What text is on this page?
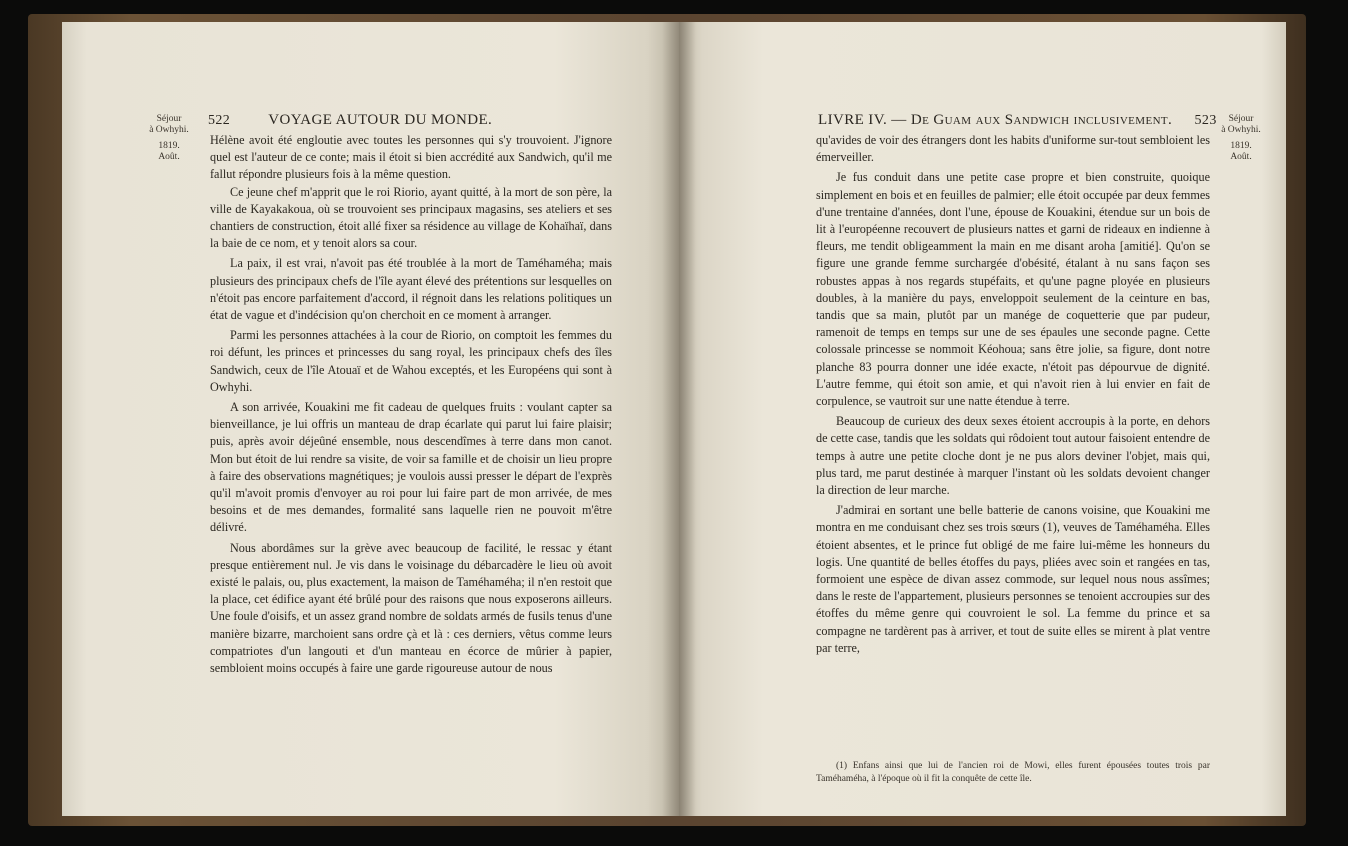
522	VOYAGE AUTOUR DU MONDE.
Séjour
à Owhyhi.
1819.
Août.

Hélène avoit été engloutie avec toutes les personnes qui s'y trouvoient. J'ignore quel est l'auteur de ce conte; mais il étoit si bien accrédité aux Sandwich, qu'il me fallut répondre plusieurs fois à la même question.

Ce jeune chef m'apprit que le roi Riorio, ayant quitté, à la mort de son père, la ville de Kayakakoua, où se trouvoient ses principaux magasins, ses ateliers et ses chantiers de construction, étoit allé fixer sa résidence au village de Kohaïhaï, dans la baie de ce nom, et y tenoit alors sa cour.

La paix, il est vrai, n'avoit pas été troublée à la mort de Taméhaméha; mais plusieurs des principaux chefs de l'île ayant élevé des prétentions sur lesquelles on n'étoit pas encore parfaitement d'accord, il régnoit dans les relations politiques un état de vague et d'indécision qu'on cherchoit en ce moment à arranger.

Parmi les personnes attachées à la cour de Riorio, on comptoit les femmes du roi défunt, les princes et princesses du sang royal, les principaux chefs des îles Sandwich, ceux de l'île Atouaï et de Wahou exceptés, et les Européens qui sont à Owhyhi.

A son arrivée, Kouakini me fit cadeau de quelques fruits : voulant capter sa bienveillance, je lui offris un manteau de drap écarlate qui parut lui faire plaisir; puis, après avoir déjeûné ensemble, nous descendîmes à terre dans mon canot. Mon but étoit de lui rendre sa visite, de voir sa famille et de choisir un lieu propre à faire des observations magnétiques; je voulois aussi presser le départ de l'exprès qu'il m'avoit promis d'envoyer au roi pour lui faire part de mon arrivée, de mes besoins et de mes demandes, formalité sans laquelle rien ne pouvoit m'être délivré.

Nous abordâmes sur la grève avec beaucoup de facilité, le ressac y étant presque entièrement nul. Je vis dans le voisinage du débarcadère le lieu où avoit existé le palais, ou, plus exactement, la maison de Taméhaméha; il n'en restoit que la place, cet édifice ayant été brûlé pour des raisons que nous exposerons ailleurs. Une foule d'oisifs, et un assez grand nombre de soldats armés de fusils tenus d'une manière bizarre, marchoient sans ordre çà et là : ces derniers, vêtus comme leurs compatriotes d'un langouti et d'un manteau en écorce de mûrier à papier, sembloient moins occupés à faire une garde rigoureuse autour de nous

LIVRE IV. — De Guam aux Sandwich inclusivement. 523	Séjour
à Owhyhi.
1819.
Août.

qu'avides de voir des étrangers dont les habits d'uniforme sur-tout sembloient les émerveiller.

Je fus conduit dans une petite case propre et bien construite, quoique simplement en bois et en feuilles de palmier; elle étoit occupée par deux femmes d'une trentaine d'années, dont l'une, épouse de Kouakini, étendue sur un bois de lit à l'européenne recouvert de plusieurs nattes et garni de rideaux en indienne à fleurs, me tendit obligeamment la main en me disant aroha [amitié]. Qu'on se figure une grande femme surchargée d'obésité, étalant à nu sans façon ses robustes appas à nos regards stupéfaits, et qu'une pagne ployée en plusieurs doubles, à la manière du pays, enveloppoit seulement de la ceinture en bas, tandis que sa main, plutôt par un manége de coquetterie que par pudeur, ramenoit de temps en temps sur une de ses épaules une seconde pagne. Cette colossale princesse se nommoit Kéohoua; sans être jolie, sa figure, dont notre planche 83 pourra donner une idée exacte, n'étoit pas dépourvue de dignité. L'autre femme, qui étoit son amie, et qui n'avoit rien à lui envier en fait de corpulence, se vautroit sur une natte étendue à terre.

Beaucoup de curieux des deux sexes étoient accroupis à la porte, en dehors de cette case, tandis que les soldats qui rôdoient tout autour faisoient entendre de temps à autre une petite cloche dont je ne pus alors deviner l'objet, mais qui, plus tard, me parut destinée à marquer l'instant où les soldats devoient changer la direction de leur marche.

J'admirai en sortant une belle batterie de canons voisine, que Kouakini me montra en me conduisant chez ses trois sœurs (1), veuves de Taméhaméha. Elles étoient absentes, et le prince fut obligé de me faire lui-même les honneurs du logis. Une quantité de belles étoffes du pays, pliées avec soin et rangées en tas, formoient une espèce de divan assez commode, sur lequel nous nous assîmes; dans le reste de l'appartement, plusieurs personnes se tenoient accroupies sur des étoffes du même genre qui couvroient le sol. La femme du prince et sa compagne ne tardèrent pas à arriver, et tout de suite elles se mirent à plat ventre par terre,

(1) Enfans ainsi que lui de l'ancien roi de Mowi, elles furent épousées toutes trois par Taméhaméha, à l'époque où il fit la conquête de cette île.
